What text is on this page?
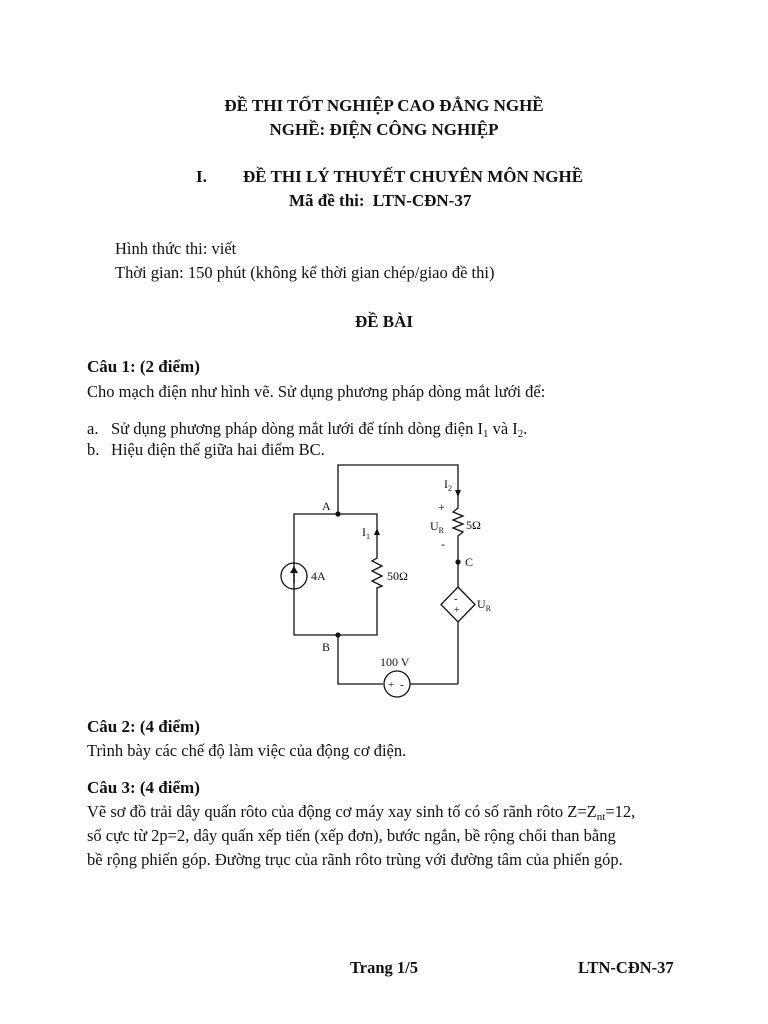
ĐỀ THI TỐT NGHIỆP CAO ĐẲNG NGHỀ
NGHỀ: ĐIỆN CÔNG NGHIỆP
I. ĐỀ THI LÝ THUYẾT CHUYÊN MÔN NGHỀ
Mã đề thi: LTN-CĐN-37
Hình thức thi: viết
Thời gian: 150 phút (không kể thời gian chép/giao đề thi)
ĐỀ BÀI
Câu 1: (2 điểm)
Cho mạch điện như hình vẽ. Sử dụng phương pháp dòng mắt lưới để:
a. Sử dụng phương pháp dòng mắt lưới để tính dòng điện $I_1$ và $I_2$.
b. Hiệu điện thế giữa hai điểm BC.
A
B
C
4A
$I_1$
50Ω
$I_2$
+
$U_R$
-
5Ω
-
+ $U_R$
100 V
+ -
Câu 2: (4 điểm)
Trình bày các chế độ làm việc của động cơ điện.
Câu 3: (4 điểm)
Vẽ sơ đồ trải dây quấn rôto của động cơ máy xay sinh tố có số rãnh rôto $Z=Z_{nt}=12$,
số cực từ 2p=2, dây quấn xếp tiến (xếp đơn), bước ngắn, bề rộng chổi than bằng
bề rộng phiến góp. Đường trục của rãnh rôto trùng với đường tâm của phiến góp.
Trang 1/5	LTN-CĐN-37
